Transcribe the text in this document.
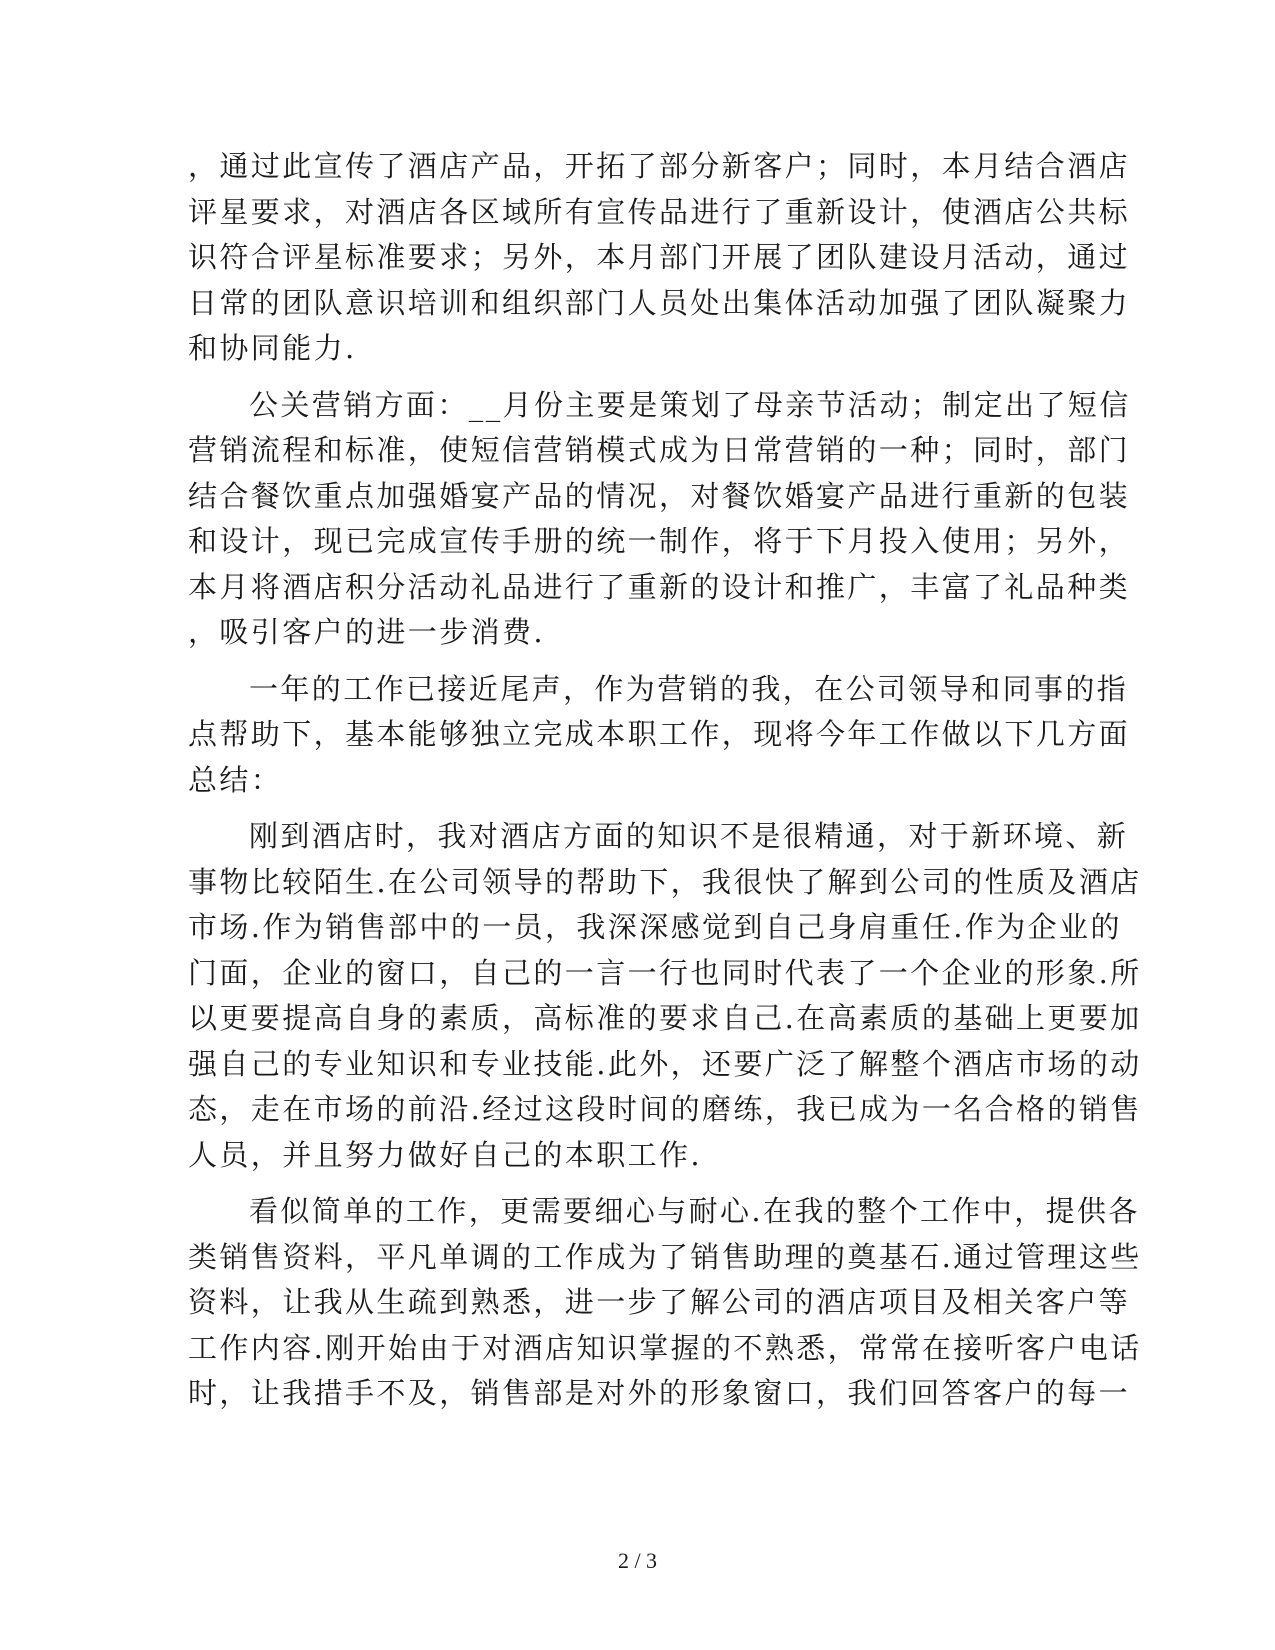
，通过此宣传了酒店产品，开拓了部分新客户；同时，本月结合酒店
评星要求，对酒店各区域所有宣传品进行了重新设计，使酒店公共标
识符合评星标准要求；另外，本月部门开展了团队建设月活动，通过
日常的团队意识培训和组织部门人员处出集体活动加强了团队凝聚力
和协同能力.
公关营销方面：__月份主要是策划了母亲节活动；制定出了短信
营销流程和标准，使短信营销模式成为日常营销的一种；同时，部门
结合餐饮重点加强婚宴产品的情况，对餐饮婚宴产品进行重新的包装
和设计，现已完成宣传手册的统一制作，将于下月投入使用；另外，
本月将酒店积分活动礼品进行了重新的设计和推广，丰富了礼品种类
，吸引客户的进一步消费.
一年的工作已接近尾声，作为营销的我，在公司领导和同事的指
点帮助下，基本能够独立完成本职工作，现将今年工作做以下几方面
总结：
刚到酒店时，我对酒店方面的知识不是很精通，对于新环境、新
事物比较陌生.在公司领导的帮助下，我很快了解到公司的性质及酒店
市场.作为销售部中的一员，我深深感觉到自己身肩重任.作为企业的
门面，企业的窗口，自己的一言一行也同时代表了一个企业的形象.所
以更要提高自身的素质，高标准的要求自己.在高素质的基础上更要加
强自己的专业知识和专业技能.此外，还要广泛了解整个酒店市场的动
态，走在市场的前沿.经过这段时间的磨练，我已成为一名合格的销售
人员，并且努力做好自己的本职工作.
看似简单的工作，更需要细心与耐心.在我的整个工作中，提供各
类销售资料，平凡单调的工作成为了销售助理的奠基石.通过管理这些
资料，让我从生疏到熟悉，进一步了解公司的酒店项目及相关客户等
工作内容.刚开始由于对酒店知识掌握的不熟悉，常常在接听客户电话
时，让我措手不及，销售部是对外的形象窗口，我们回答客户的每一
2 / 3
